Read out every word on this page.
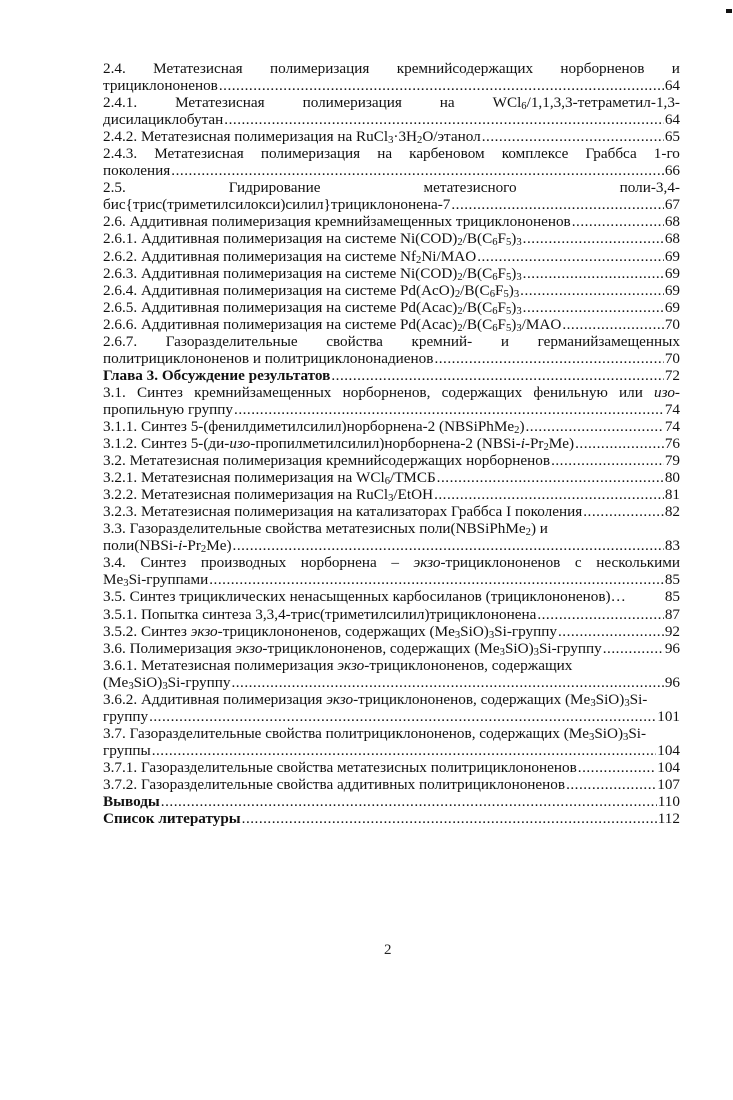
2.4. Метатезисная полимеризация кремнийсодержащих норборненов и
трициклононенов .....	64
2.4.1. Метатезисная полимеризация на WCl$_6$/1,1,3,3-тетраметил-1,3-
дисилациклобутан .....	64
2.4.2. Метатезисная полимеризация на $RuCl_3\cdot 3H_2O$/этанол .....	65
2.4.3. Метатезисная полимеризация на карбеновом комплексе Граббса 1-го
поколения .....	66
2.5.	Гидрирование	метатезисного	поли-3,4-
бис{трис(триметилсилокси)силил}трициклононена-7 .....	67
2.6. Аддитивная полимеризация кремнийзамещенных трициклононенов .....	68
2.6.1. Аддитивная полимеризация на системе $Ni(COD)_2/B(C_6F_5)_3$ .....	68
2.6.2. Аддитивная полимеризация на системе $Nf_2Ni$/MAO .....	69
2.6.3. Аддитивная полимеризация на системе $Ni(COD)_2/B(C_6F_5)_3$ .....	69
2.6.4. Аддитивная полимеризация на системе $Pd(AcO)_2/B(C_6F_5)_3$ .....	69
2.6.5. Аддитивная полимеризация на системе $Pd(Acac)_2/B(C_6F_5)_3$ .....	69
2.6.6. Аддитивная полимеризация на системе $Pd(Acac)_2/B(C_6F_5)_3$/MAO .....	70
2.6.7. Газоразделительные свойства кремний- и германийзамещенных
политрициклононенов и политрициклононадиенов .....	70
Глава 3. Обсуждение результатов .....	72
3.1. Синтез кремнийзамещенных норборненов, содержащих фенильную или изо-
пропильную группу .....	74
3.1.1. Синтез 5-(фенилдиметилсилил)норборнена-2 (NBSiPhMe$_2$) .....	74
3.1.2. Синтез 5-(ди-изо-пропилметилсилил)норборнена-2 $(NBSi-i-Pr_2Me)$ .....	76
3.2. Метатезисная полимеризация кремнийсодержащих норборненов .....	79
3.2.1. Метатезисная полимеризация на WCl$_6$/ТМСБ .....	80
3.2.2. Метатезисная полимеризация на RuCl$_3$/EtOH .....	81
3.2.3. Метатезисная полимеризация на катализаторах Граббса I поколения .....	82
3.3. Газоразделительные свойства метатезисных поли(NBSiPhMe$_2$) и
$поли(NBSi-i-Pr_2Me)$ .....	83
3.4. Синтез производных норборнена – экзо-трициклононенов с несколькими
$Me_3Si$-группами .....	85
3.5. Синтез трициклических ненасыщенных карбосиланов (трициклононенов)…	85
3.5.1. Попытка синтеза 3,3,4-трис(триметилсилил)трициклононена .....	87
3.5.2. Синтез экзо-трициклононенов, содержащих $(Me_3SiO)_3Si$-группу .....	92
3.6. Полимеризация экзо-трициклононенов, содержащих $(Me_3SiO)_3Si$-группу .....	96
3.6.1. Метатезисная полимеризация экзо-трициклононенов, содержащих
$(Me_3SiO)_3Si$-группу .....	96
3.6.2. Аддитивная полимеризация экзо-трициклононенов, содержащих $(Me_3SiO)_3Si-$
группу .....	101
3.7. Газоразделительные свойства политрициклононенов, содержащих $(Me_3SiO)_3Si-$
группы .....	104
3.7.1. Газоразделительные свойства метатезисных политрициклононенов .....	104
3.7.2. Газоразделительные свойства аддитивных политрициклононенов .....	107
Выводы .....	110
Список литературы .....	112
2
